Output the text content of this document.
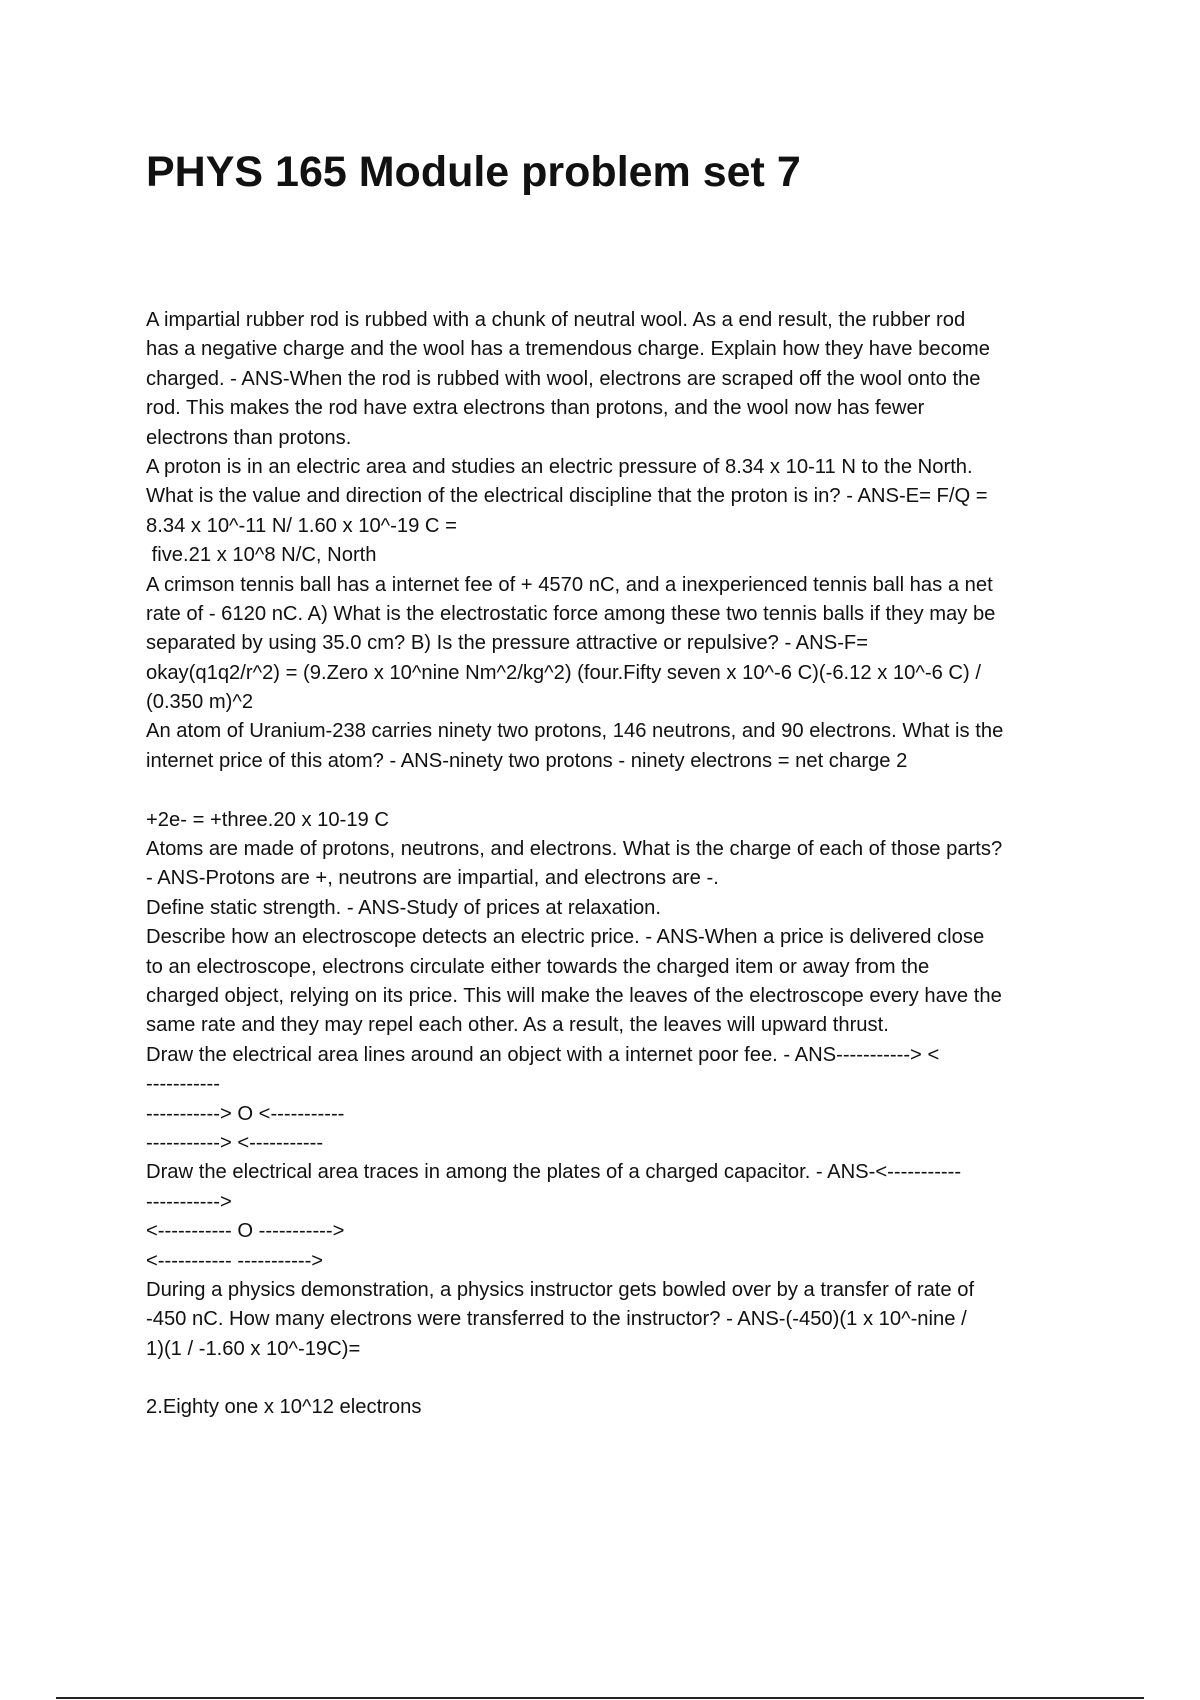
PHYS 165 Module problem set 7

A impartial rubber rod is rubbed with a chunk of neutral wool. As a end result, the rubber rod

has a negative charge and the wool has a tremendous charge. Explain how they have become

charged. - ANS-When the rod is rubbed with wool, electrons are scraped off the wool onto the

rod. This makes the rod have extra electrons than protons, and the wool now has fewer

electrons than protons.

A proton is in an electric area and studies an electric pressure of 8.34 x 10-11 N to the North.

What is the value and direction of the electrical discipline that the proton is in? - ANS-E= F/Q =

8.34 x 10^-11 N/ 1.60 x 10^-19 C =

five.21 x 10^8 N/C, North

A crimson tennis ball has a internet fee of + 4570 nC, and a inexperienced tennis ball has a net

rate of - 6120 nC. A) What is the electrostatic force among these two tennis balls if they may be

separated by using 35.0 cm? B) Is the pressure attractive or repulsive? - ANS-F=

okay(q1q2/r^2) = (9.Zero x 10^nine Nm^2/kg^2) (four.Fifty seven x 10^-6 C)(-6.12 x 10^-6 C) /

(0.350 m)^2

An atom of Uranium-238 carries ninety two protons, 146 neutrons, and 90 electrons. What is the

internet price of this atom? - ANS-ninety two protons - ninety electrons = net charge 2

+2e- = +three.20 x 10-19 C

Atoms are made of protons, neutrons, and electrons. What is the charge of each of those parts?

- ANS-Protons are +, neutrons are impartial, and electrons are -.

Define static strength. - ANS-Study of prices at relaxation.

Describe how an electroscope detects an electric price. - ANS-When a price is delivered close

to an electroscope, electrons circulate either towards the charged item or away from the

charged object, relying on its price. This will make the leaves of the electroscope every have the

same rate and they may repel each other. As a result, the leaves will upward thrust.

Draw the electrical area lines around an object with a internet poor fee. - ANS-----------> <

-----------

-----------> O <-----------

-----------> <-----------

Draw the electrical area traces in among the plates of a charged capacitor. - ANS-<-----------

----------->

<----------- O ----------->

<----------- ----------->

During a physics demonstration, a physics instructor gets bowled over by a transfer of rate of

-450 nC. How many electrons were transferred to the instructor? - ANS-(-450)(1 x 10^-nine /

1)(1 / -1.60 x 10^-19C)=

2.Eighty one x 10^12 electrons
